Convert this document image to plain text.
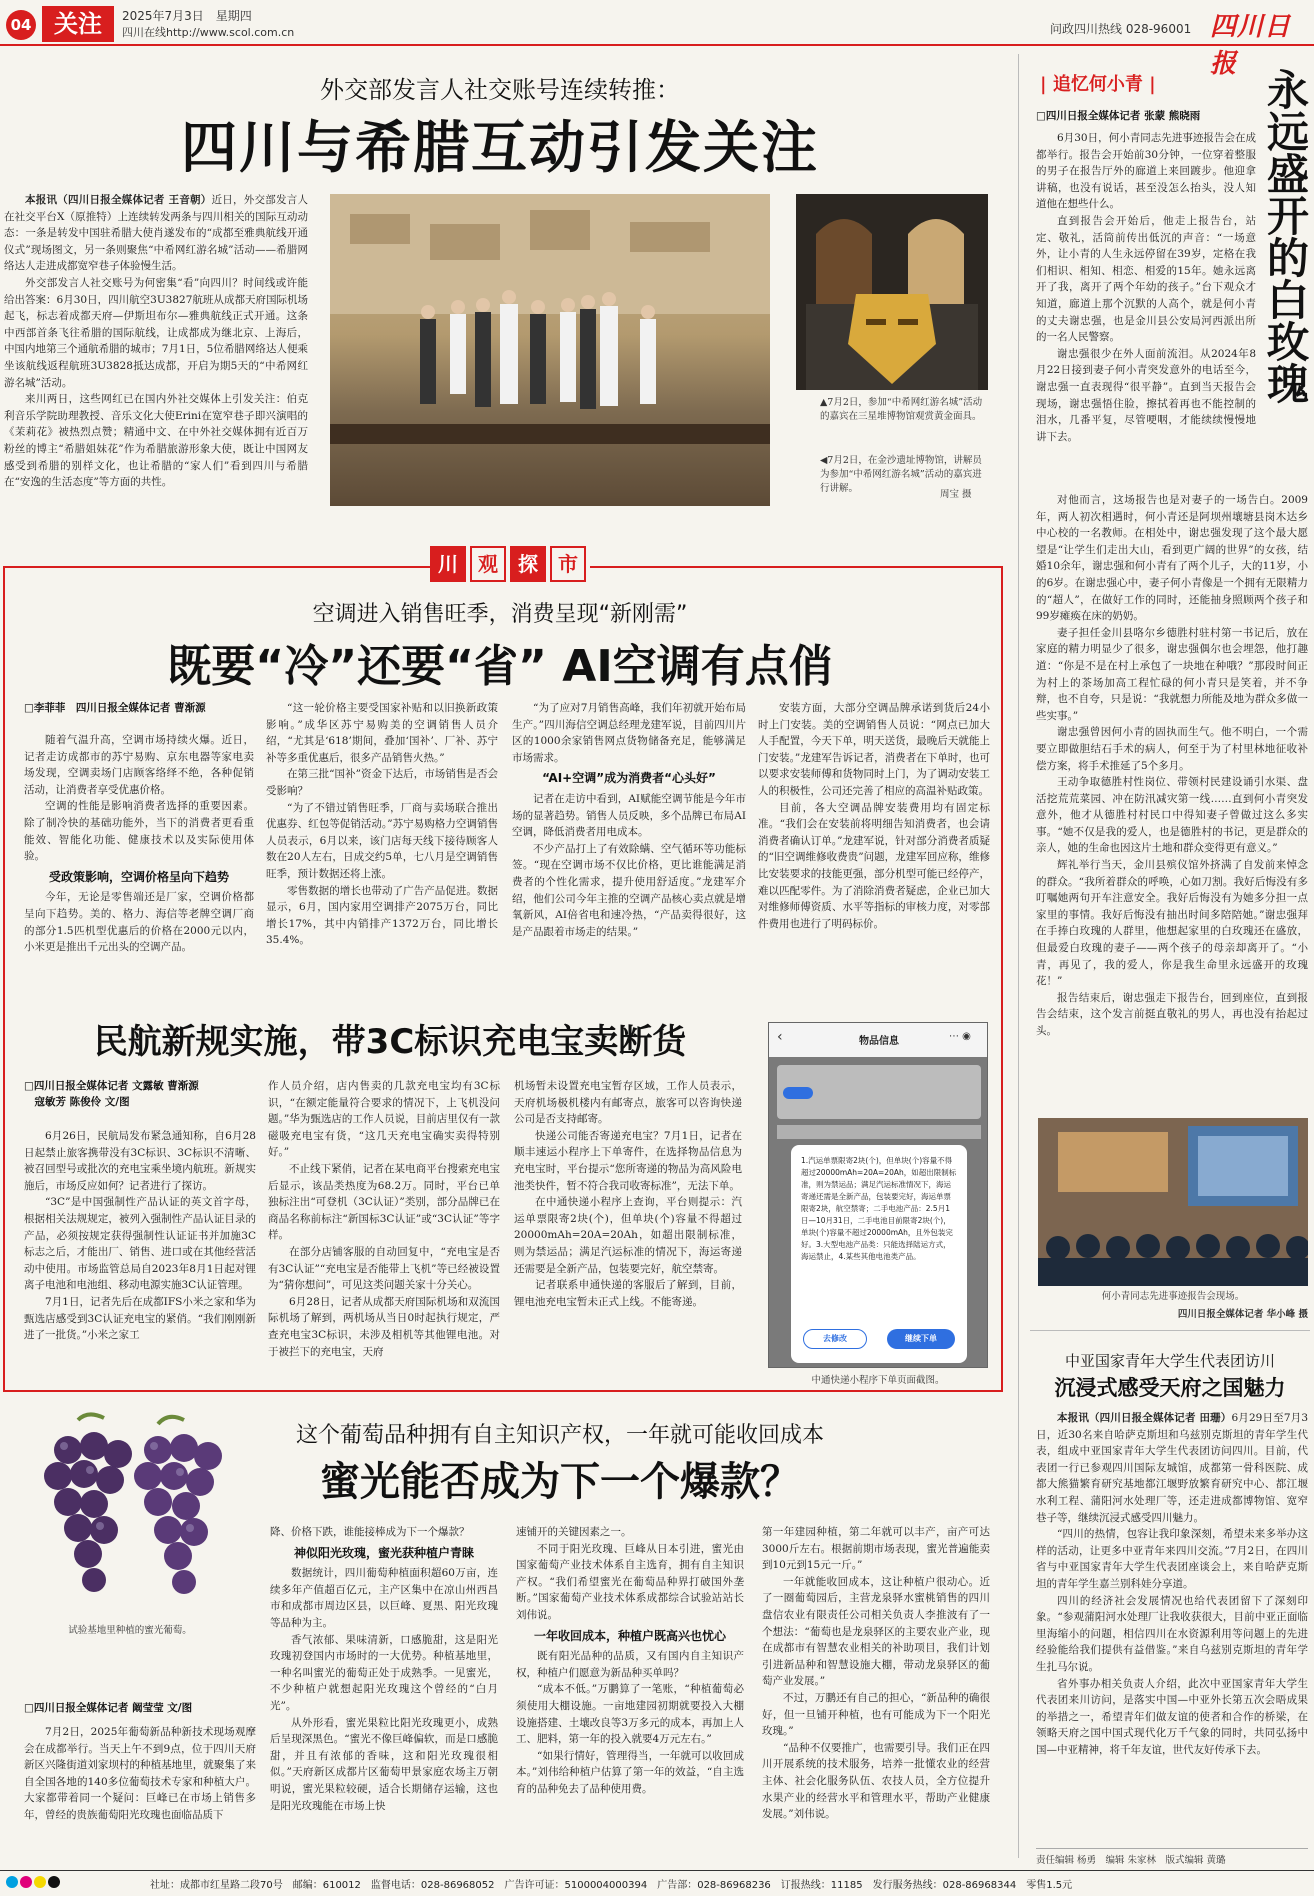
04 关注	2025年7月3日　星期四
四川在线http://www.scol.com.cn	问政四川热线 028-96001 四川日报
外交部发言人社交账号连续转推：
四川与希腊互动引发关注

本报讯（四川日报全媒体记者 王音朝）近日，外交部发言人在社交平台X（原推特）上连续转发两条与四川相关的国际互动动态：一条是转发中国驻希腊大使肖遂发布的“成都至雅典航线开通仪式”现场图文，另一条则聚焦“中希网红游名城”活动——希腊网络达人走进成都宽窄巷子体验慢生活。

外交部发言人社交账号为何密集“看”向四川？时间线或许能给出答案：6月30日，四川航空3U3827航班从成都天府国际机场起飞，标志着成都天府—伊斯坦布尔—雅典航线正式开通。这条中西部首条飞往希腊的国际航线，让成都成为继北京、上海后，中国内地第三个通航希腊的城市；7月1日，5位希腊网络达人便乘坐该航线返程航班3U3828抵达成都，开启为期5天的“中希网红游名城”活动。

来川两日，这些网红已在国内外社交媒体上引发关注：伯克利音乐学院助理教授、音乐文化大使Erini在宽窄巷子即兴演唱的《茉莉花》被热烈点赞；精通中文、在中外社交媒体拥有近百万粉丝的博主“希腊姐妹花”作为希腊旅游形象大使，既让中国网友感受到希腊的别样文化，也让希腊的“家人们”看到四川与希腊在“安逸的生活态度”等方面的共性。

▲7月2日，参加“中希网红游名城”活动的嘉宾在三星堆博物馆观赏黄金面具。
◀7月2日，在金沙遗址博物馆，讲解员为参加“中希网红游名城”活动的嘉宾进行讲解。
周宝 摄
川	观	探	市
空调进入销售旺季，消费呈现“新刚需”
既要“冷”还要“省” AI空调有点俏
□李菲菲　四川日报全媒体记者 曹渐源

随着气温升高，空调市场持续火爆。近日，记者走访成都市的苏宁易购、京东电器等家电卖场发现，空调卖场门店顾客络绎不绝，各种促销活动，让消费者享受优惠价格。

空调的性能是影响消费者选择的重要因素。除了制冷快的基础功能外，当下的消费者更看重能效、智能化功能、健康技术以及实际使用体验。

受政策影响，空调价格呈向下趋势

今年，无论是零售端还是厂家，空调价格都呈向下趋势。美的、格力、海信等老牌空调厂商的部分1.5匹机型优惠后的价格在2000元以内，小米更是推出千元出头的空调产品。

“这一轮价格主要受国家补贴和以旧换新政策影响。”成华区苏宁易购美的空调销售人员介绍，“尤其是‘618’期间，叠加‘国补’、厂补、苏宁补等多重优惠后，很多产品销售火热。”

在第三批“国补”资金下达后，市场销售是否会受影响？

“为了不错过销售旺季，厂商与卖场联合推出优惠券、红包等促销活动。”苏宁易购格力空调销售人员表示，6月以来，该门店每天线下接待顾客人数在20人左右，日成交约5单，七八月是空调销售旺季，预计数据还将上涨。

零售数据的增长也带动了广告产品促进。数据显示，6月，国内家用空调排产2075万台，同比增长17%，其中内销排产1372万台，同比增长35.4%。

“为了应对7月销售高峰，我们年初就开始布局生产。”四川海信空调总经理龙建军说，目前四川片区的1000余家销售网点货物储备充足，能够满足市场需求。

“AI+空调”成为消费者“心头好”

记者在走访中看到，AI赋能空调节能是今年市场的显著趋势。销售人员反映，多个品牌已布局AI空调，降低消费者用电成本。

不少产品打上了有效除螨、空气循环等功能标签。“现在空调市场不仅比价格，更比谁能满足消费者的个性化需求，提升使用舒适度。”龙建军介绍，他们公司今年主推的空调产品核心卖点就是增氧新风，AI倍省电和速冷热，“产品卖得很好，这是产品跟着市场走的结果。”

安装方面，大部分空调品牌承诺到货后24小时上门安装。美的空调销售人员说：“网点已加大人手配置，今天下单，明天送货，最晚后天就能上门安装。”龙建军告诉记者，消费者在下单时，也可以要求安装师傅和货物同时上门，为了调动安装工人的积极性，公司还完善了相应的高温补贴政策。

目前，各大空调品牌安装费用均有固定标准。“我们会在安装前将明细告知消费者，也会请消费者确认订单。”龙建军说，针对部分消费者质疑的“旧空调维修收费贵”问题，龙建军回应称，维修比安装要求的技能更强，部分机型可能已经停产，难以匹配零件。为了消除消费者疑虑，企业已加大对维修师傅资质、水平等指标的审核力度，对零部件费用也进行了明码标价。

民航新规实施，带3C标识充电宝卖断货
□四川日报全媒体记者 文露敏 曹渐源
　寇敏芳 陈俊伶 文/图

6月26日，民航局发布紧急通知称，自6月28日起禁止旅客携带没有3C标识、3C标识不清晰、被召回型号或批次的充电宝乘坐境内航班。新规实施后，市场反应如何？记者进行了探访。

“3C”是中国强制性产品认证的英文首字母，根据相关法规规定，被列入强制性产品认证目录的产品，必须按规定获得强制性认证证书并加施3C标志之后，才能出厂、销售、进口或在其他经营活动中使用。市场监管总局自2023年8月1日起对锂离子电池和电池组、移动电源实施3C认证管理。

7月1日，记者先后在成都IFS小米之家和华为甄选店感受到3C认证充电宝的紧俏。“我们刚刚新进了一批货。”小米之家工

作人员介绍，店内售卖的几款充电宝均有3C标识，“在额定能量符合要求的情况下，上飞机没问题。”华为甄选店的工作人员说，目前店里仅有一款磁吸充电宝有货，“这几天充电宝确实卖得特别好。”

不止线下紧俏，记者在某电商平台搜索充电宝后显示，该品类热度为68.2万。同时，平台已单独标注出“可登机（3C认证）”类别，部分品牌已在商品名称前标注“新国标3C认证”或“3C认证”等字样。

在部分店铺客服的自动回复中，“充电宝是否有3C认证”“充电宝是否能带上飞机”等已经被设置为“猜你想问”，可见这类问题关家十分关心。

6月28日，记者从成都天府国际机场和双流国际机场了解到，两机场从当日0时起执行规定，严查充电宝3C标识，未涉及相机等其他锂电池。对于被拦下的充电宝，天府

机场暂未设置充电宝暂存区域，工作人员表示，天府机场极机楼内有邮寄点，旅客可以咨询快递公司是否支持邮寄。

快递公司能否寄递充电宝？7月1日，记者在顺丰速运小程序上下单寄件，在选择物品信息为充电宝时，平台提示“您所寄递的物品为高风险电池类快件，暂不符合我司收寄标准”，无法下单。

在中通快递小程序上查询，平台则提示：汽运单票限寄2块(个)，但单块(个)容量不得超过20000mAh=20A=20Ah，如超出限制标准，则为禁运品；满足汽运标准的情况下，海运寄递还需要是全新产品，包装要完好，航空禁寄。

记者联系申通快递的客服后了解到，目前，锂电池充电宝暂未正式上线。不能寄递。

‹	物品信息	⋯ ◉
1.汽运单票限寄2块(个)，但单块(个)容量不得超过20000mAh=20A=20Ah，如超出限制标准，则为禁运品；满足汽运标准情况下，海运寄递还需是全新产品，包装要完好，海运单票限寄2块，航空禁寄；二手电池产品：2.5月1日—10月31日，二手电池目前限寄2块(个)，单块(个)容量不超过20000mAh，且外包装完好。3.大型电池产品类：只能选择陆运方式，海运禁止，4.某些其他电池类产品。
去修改	继续下单
中通快递小程序下单页面截图。
这个葡萄品种拥有自主知识产权，一年就可能收回成本
蜜光能否成为下一个爆款？
试验基地里种植的蜜光葡萄。
□四川日报全媒体记者 阚莹莹 文/图

7月2日，2025年葡萄新品种新技术现场观摩会在成都举行。当天上午不到9点，位于四川天府新区兴隆街道刘家坝村的种植基地里，就聚集了来自全国各地的140多位葡萄技术专家和种植大户。大家都带着同一个疑问：巨峰已在市场上销售多年，曾经的贵族葡萄阳光玫瑰也面临品质下

降、价格下跌，谁能接棒成为下一个爆款？

神似阳光玫瑰，蜜光获种植户青睐

数据统计，四川葡萄种植面积超60万亩，连续多年产值超百亿元，主产区集中在凉山州西昌市和成都市周边区县，以巨峰、夏黑、阳光玫瑰等品种为主。

香气浓郁、果味清新，口感脆甜，这是阳光玫瑰初登国内市场时的一大优势。种植基地里，一种名叫蜜光的葡萄正处于成熟季。一见蜜光，不少种植户就想起阳光玫瑰这个曾经的“白月光”。

从外形看，蜜光果粒比阳光玫瑰更小，成熟后呈现深黑色。“蜜光不像巨峰偏软，而是口感脆甜，并且有浓郁的香味，这和阳光玫瑰很相似。”天府新区成都片区葡萄甲景家庭农场主万朝明说，蜜光果粒较硬，适合长期储存运输，这也是阳光玫瑰能在市场上快

速铺开的关键因素之一。

不同于阳光玫瑰、巨峰从日本引进，蜜光由国家葡萄产业技术体系自主选育，拥有自主知识产权。“我们希望蜜光在葡萄品种界打破国外垄断。”国家葡萄产业技术体系成都综合试验站站长刘伟说。

一年收回成本，种植户既高兴也忧心

既有阳光品种的品质，又有国内自主知识产权，种植户们愿意为新品种买单吗？

“成本不低。”万鹏算了一笔账，“种植葡萄必须使用大棚设施。一亩地建园初期就要投入大棚设施搭建、土壤改良等3万多元的成本，再加上人工、肥料，第一年的投入就要4万元左右。”

“如果行情好，管理得当，一年就可以收回成本。”刘伟给种植户估算了第一年的效益，“自主选育的品种免去了品种使用费。

第一年建园种植，第二年就可以丰产，亩产可达3000斤左右。根据前期市场表现，蜜光普遍能卖到10元到15元一斤。”

一年就能收回成本，这让种植户很动心。近了一圈葡萄园后，主营龙泉驿水蜜桃销售的四川盘信农业有限责任公司相关负责人李推波有了一个想法：“葡萄也是龙泉驿区的主要农业产业，现在成都市有智慧农业相关的补助项目，我们计划引进新品种和智慧设施大棚，带动龙泉驿区的葡萄产业发展。”

不过，万鹏还有自己的担心，“新品种的确很好，但一旦铺开种植，也有可能成为下一个阳光玫瑰。”

“品种不仅要推广，也需要引导。我们正在四川开展系统的技术服务，培养一批懂农业的经营主体、社会化服务队伍、农技人员，全方位提升水果产业的经营水平和管理水平，帮助产业健康发展。”刘伟说。

| 追忆何小青 |	永远盛开的白玫瑰
□四川日报全媒体记者 张蒙 熊晓雨

6月30日，何小青同志先进事迹报告会在成都举行。报告会开始前30分钟，一位穿着整服的男子在报告厅外的廊道上来回踱步。他迎拿讲稿，也没有说话，甚至没怎么抬头，没人知道他在想些什么。

直到报告会开始后，他走上报告台，站定、敬礼，活筒前传出低沉的声音：“一场意外，让小青的人生永远停留在39岁，定格在我们相识、相知、相恋、相爱的15年。她永远离开了我，离开了两个年幼的孩子。”台下观众才知道，廊道上那个沉默的人高个，就是何小青的丈夫谢忠强，也是金川县公安局河西派出所的一名人民警察。

谢忠强很少在外人面前流泪。从2024年8月22日接到妻子何小青突发意外的电话至今，谢忠强一直表现得“很平静”。直到当天报告会现场，谢忠强悟住脸，擦拭着再也不能控制的泪水，几番平复，尽管哽咽，才能续续慢慢地讲下去。

对他而言，这场报告也是对妻子的一场告白。2009年，两人初次相遇时，何小青还是阿坝州壤塘县岗木达乡中心校的一名教师。在相处中，谢忠强发现了这个最大愿望是“让学生们走出大山，看到更广阔的世界”的女孩，结婚10余年，谢忠强和何小青有了两个儿子，大的11岁，小的6岁。在谢忠强心中，妻子何小青像是一个拥有无限精力的“超人”，在做好工作的同时，还能抽身照顾两个孩子和99岁瘫痪在床的奶奶。

妻子担任金川县咯尔乡德胜村驻村第一书记后，放在家庭的精力明显少了很多，谢忠强偶尔也会埋怨，他打趣道：“你是不是在村上承包了一块地在种哦？”那段时间正为村上的茶场加高工程忙碌的何小青只是笑着，并不争辩，也不自夸，只是说：“我就想力所能及地为群众多做一些实事。”

谢忠强曾因何小青的固执而生气。他不明白，一个需要立即做胆结石手术的病人，何至于为了村里林地征收补偿方案，将手术推延了5个多月。

王动争取德胜村性岗位、带领村民建设诵引水渠、盘活挖荒荒菜园、冲在防汛减灾第一线……直到何小青突发意外，他才从德胜村村民口中得知妻子曾做过这么多实事。“她不仅是我的爱人，也是德胜村的书记，更是群众的亲人，她的生命也因这片土地和群众变得更有意义。”

辉礼举行当天，金川县殡仪馆外挤满了自发前来悼念的群众。“我所着群众的呼唤，心如刀割。我好后悔没有多叮嘱她两句开车注意安全。我好后悔没有为她多分担一点家里的事情。我好后悔没有抽出时间多陪陪她。”谢忠强拜在手捧白玫瑰的人群里，他想起家里的白玫瑰还在盛放，但最爱白玫瑰的妻子——两个孩子的母亲却离开了。“小青，再见了，我的爱人，你是我生命里永远盛开的玫瑰花！”

报告结束后，谢忠强走下报告台，回到座位，直到报告会结束，这个发言前挺直敬礼的男人，再也没有抬起过头。

何小青同志先进事迹报告会现场。
四川日报全媒体记者 华小峰 摄
中亚国家青年大学生代表团访川
沉浸式感受天府之国魅力

本报讯（四川日报全媒体记者 田珊）6月29日至7月3日，近30名来自哈萨克斯坦和乌兹别克斯坦的青年学生代表，组成中亚国家青年大学生代表团访问四川。目前，代表团一行已参观四川国际友城馆，成都第一骨科医院、成都大熊猫繁育研究基地都江堰野放繁育研究中心、都江堰水利工程、蒲阳河水处理厂等，还走进成都博物馆、宽窄巷子等，继续沉浸式感受四川魅力。

“四川的热情，包容让我印象深刻，希望未来多举办这样的活动，让更多中亚青年来四川交流。”7月2日，在四川省与中亚国家青年大学生代表团座谈会上，来自哈萨克斯坦的青年学生嘉兰别科娃分享道。

四川的经济社会发展情况也给代表团留下了深刻印象。“参观蒲阳河水处理厂让我收获很大，目前中亚正面临里海缩小的问题，相信四川在水资源利用等问题上的先进经验能给我们提供有益借鉴。”来自乌兹别克斯坦的青年学生扎马尔说。

省外事办相关负责人介绍，此次中亚国家青年大学生代表团来川访问，是落实中国—中亚外长第五次会晤成果的举措之一，希望青年们做友谊的使者和合作的桥梁，在领略天府之国中国式现代化万千气象的同时，共同弘扬中国—中亚精神，将千年友谊，世代友好传承下去。

责任编辑 杨勇　编辑 朱家林　版式编辑 黄璐
社址：成都市红星路二段70号　邮编：610012　监督电话：028-86968052　广告许可证：5100004000394　广告部：028-86968236　订报热线：11185　发行服务热线：028-86968344　零售1.5元
